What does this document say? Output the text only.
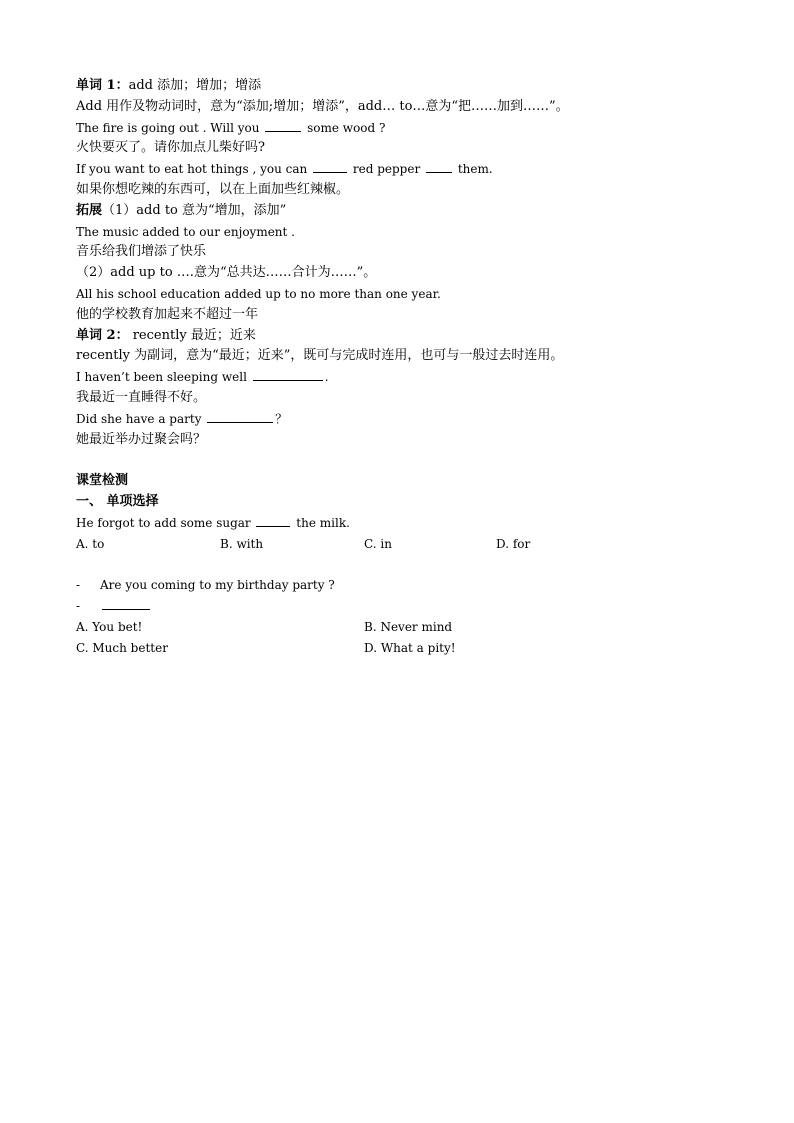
单词 1：add 添加；增加；增添
Add 用作及物动词时，意为“添加;增加；增添”，add… to…意为“把……加到……”。
The fire is going out . Will you	some wood ?
火快要灭了。请你加点儿柴好吗?
If you want to eat hot things , you can	red pepper	them.
如果你想吃辣的东西可，以在上面加些红辣椒。
拓展（1）add to 意为“增加，添加”
The music added to our enjoyment .
音乐给我们增添了快乐
（2）add up to ….意为“总共达……合计为……”。
All his school education added up to no more than one year.
他的学校教育加起来不超过一年
单词 2： recently 最近；近来
recently 为副词，意为“最近；近来”，既可与完成时连用，也可与一般过去时连用。
I haven’t been sleeping well	.
我最近一直睡得不好。
Did she have a party	？
她最近举办过聚会吗？
课堂检测
一、 单项选择
He forgot to add some sugar	the milk.
A. to	B. with	C. in	D. for
- Are you coming to my birthday party ?
-
A. You bet!	B. Never mind
C. Much better	D. What a pity!
